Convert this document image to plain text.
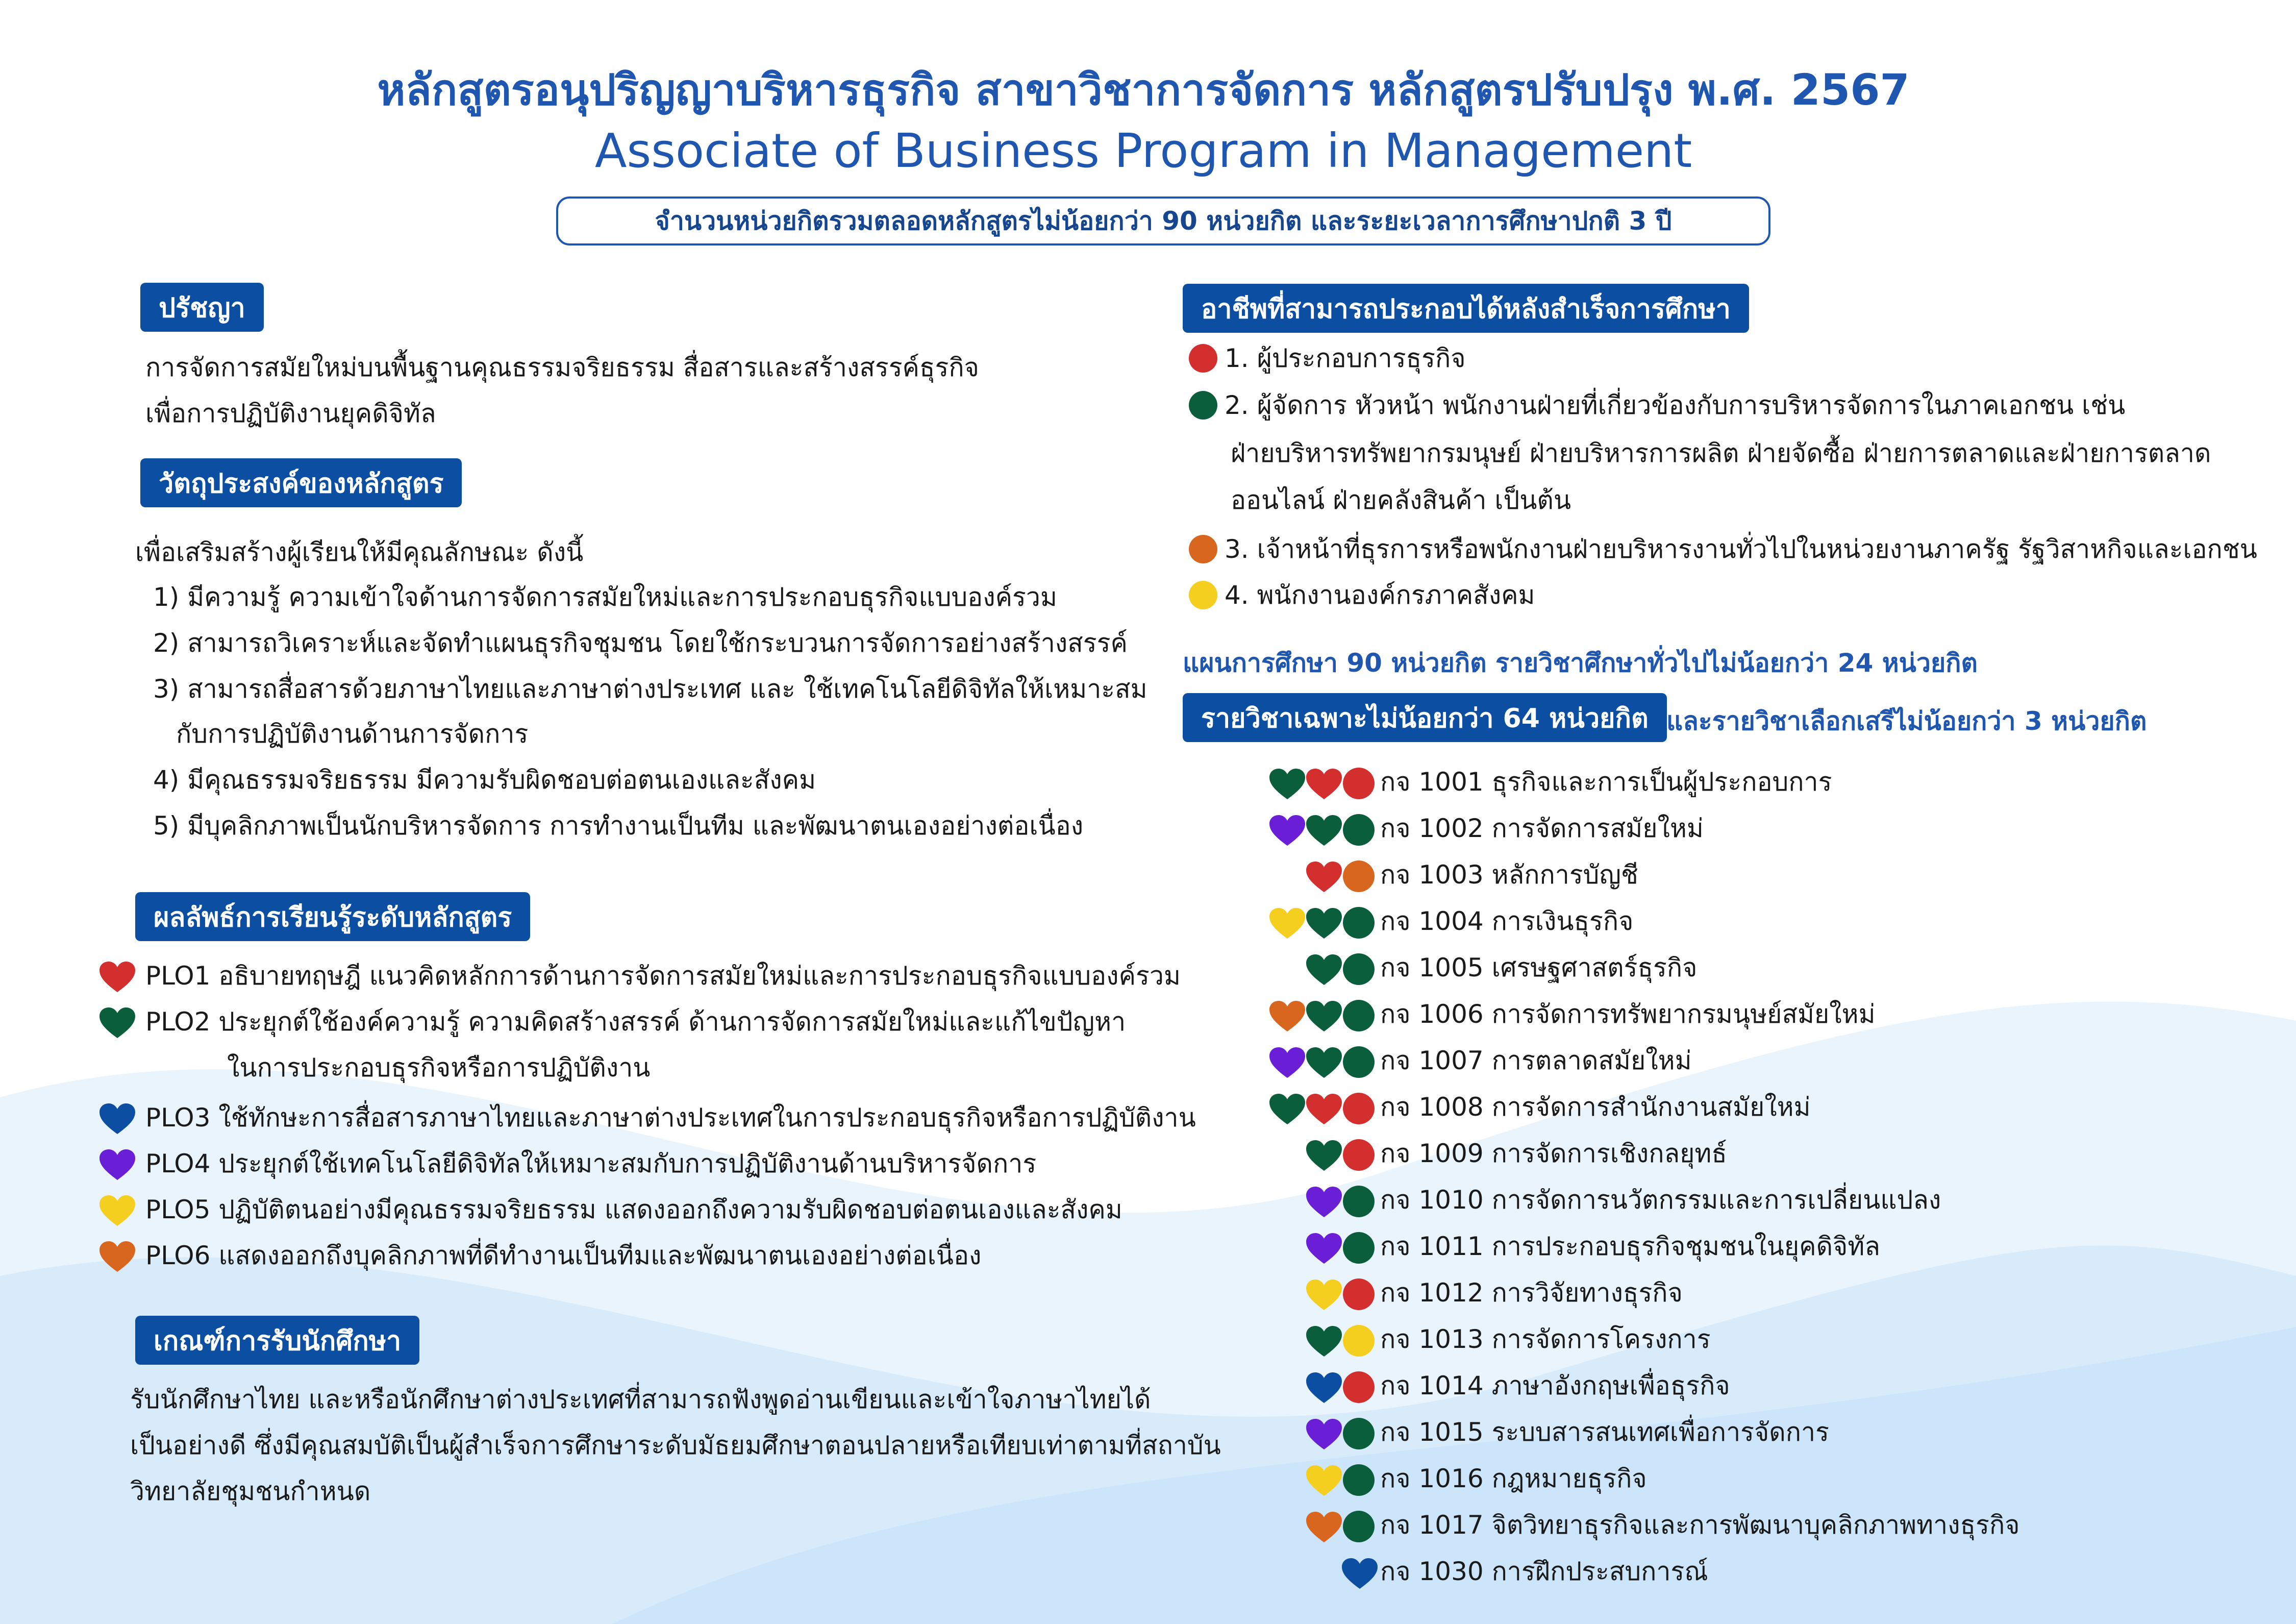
หลักสูตรอนุปริญญาบริหารธุรกิจ สาขาวิชาการจัดการ หลักสูตรปรับปรุง พ.ศ. 2567
Associate of Business Program in Management
จำนวนหน่วยกิตรวมตลอดหลักสูตรไม่น้อยกว่า 90 หน่วยกิต และระยะเวลาการศึกษาปกติ 3 ปี
ปรัชญา
การจัดการสมัยใหม่บนพื้นฐานคุณธรรมจริยธรรม สื่อสารและสร้างสรรค์ธุรกิจ
เพื่อการปฏิบัติงานยุคดิจิทัล
วัตถุประสงค์ของหลักสูตร
เพื่อเสริมสร้างผู้เรียนให้มีคุณลักษณะ ดังนี้
1) มีความรู้ ความเข้าใจด้านการจัดการสมัยใหม่และการประกอบธุรกิจแบบองค์รวม
2) สามารถวิเคราะห์และจัดทำแผนธุรกิจชุมชน โดยใช้กระบวนการจัดการอย่างสร้างสรรค์
3) สามารถสื่อสารด้วยภาษาไทยและภาษาต่างประเทศ และ ใช้เทคโนโลยีดิจิทัลให้เหมาะสม
กับการปฏิบัติงานด้านการจัดการ
4) มีคุณธรรมจริยธรรม มีความรับผิดชอบต่อตนเองและสังคม
5) มีบุคลิกภาพเป็นนักบริหารจัดการ การทำงานเป็นทีม และพัฒนาตนเองอย่างต่อเนื่อง
ผลลัพธ์การเรียนรู้ระดับหลักสูตร
PLO1 อธิบายทฤษฎี แนวคิดหลักการด้านการจัดการสมัยใหม่และการประกอบธุรกิจแบบองค์รวม
PLO2 ประยุกต์ใช้องค์ความรู้ ความคิดสร้างสรรค์ ด้านการจัดการสมัยใหม่และแก้ไขปัญหา
ในการประกอบธุรกิจหรือการปฏิบัติงาน
PLO3 ใช้ทักษะการสื่อสารภาษาไทยและภาษาต่างประเทศในการประกอบธุรกิจหรือการปฏิบัติงาน
PLO4 ประยุกต์ใช้เทคโนโลยีดิจิทัลให้เหมาะสมกับการปฏิบัติงานด้านบริหารจัดการ
PLO5 ปฏิบัติตนอย่างมีคุณธรรมจริยธรรม แสดงออกถึงความรับผิดชอบต่อตนเองและสังคม
PLO6 แสดงออกถึงบุคลิกภาพที่ดีทำงานเป็นทีมและพัฒนาตนเองอย่างต่อเนื่อง
เกณฑ์การรับนักศึกษา
รับนักศึกษาไทย และหรือนักศึกษาต่างประเทศที่สามารถฟังพูดอ่านเขียนและเข้าใจภาษาไทยได้
เป็นอย่างดี ซึ่งมีคุณสมบัติเป็นผู้สำเร็จการศึกษาระดับมัธยมศึกษาตอนปลายหรือเทียบเท่าตามที่สถาบัน
วิทยาลัยชุมชนกำหนด
อาชีพที่สามารถประกอบได้หลังสำเร็จการศึกษา
1. ผู้ประกอบการธุรกิจ
2. ผู้จัดการ หัวหน้า พนักงานฝ่ายที่เกี่ยวข้องกับการบริหารจัดการในภาคเอกชน เช่น
ฝ่ายบริหารทรัพยากรมนุษย์ ฝ่ายบริหารการผลิต ฝ่ายจัดซื้อ ฝ่ายการตลาดและฝ่ายการตลาด
ออนไลน์ ฝ่ายคลังสินค้า เป็นต้น
3. เจ้าหน้าที่ธุรการหรือพนักงานฝ่ายบริหารงานทั่วไปในหน่วยงานภาครัฐ รัฐวิสาหกิจและเอกชน
4. พนักงานองค์กรภาคสังคม
แผนการศึกษา 90 หน่วยกิต รายวิชาศึกษาทั่วไปไม่น้อยกว่า 24 หน่วยกิต
รายวิชาเฉพาะไม่น้อยกว่า 64 หน่วยกิต และรายวิชาเลือกเสรีไม่น้อยกว่า 3 หน่วยกิต
กจ 1001 ธุรกิจและการเป็นผู้ประกอบการ
กจ 1002 การจัดการสมัยใหม่
กจ 1003 หลักการบัญชี
กจ 1004 การเงินธุรกิจ
กจ 1005 เศรษฐศาสตร์ธุรกิจ
กจ 1006 การจัดการทรัพยากรมนุษย์สมัยใหม่
กจ 1007 การตลาดสมัยใหม่
กจ 1008 การจัดการสำนักงานสมัยใหม่
กจ 1009 การจัดการเชิงกลยุทธ์
กจ 1010 การจัดการนวัตกรรมและการเปลี่ยนแปลง
กจ 1011 การประกอบธุรกิจชุมชนในยุคดิจิทัล
กจ 1012 การวิจัยทางธุรกิจ
กจ 1013 การจัดการโครงการ
กจ 1014 ภาษาอังกฤษเพื่อธุรกิจ
กจ 1015 ระบบสารสนเทศเพื่อการจัดการ
กจ 1016 กฎหมายธุรกิจ
กจ 1017 จิตวิทยาธุรกิจและการพัฒนาบุคลิกภาพทางธุรกิจ
กจ 1030 การฝึกประสบการณ์
